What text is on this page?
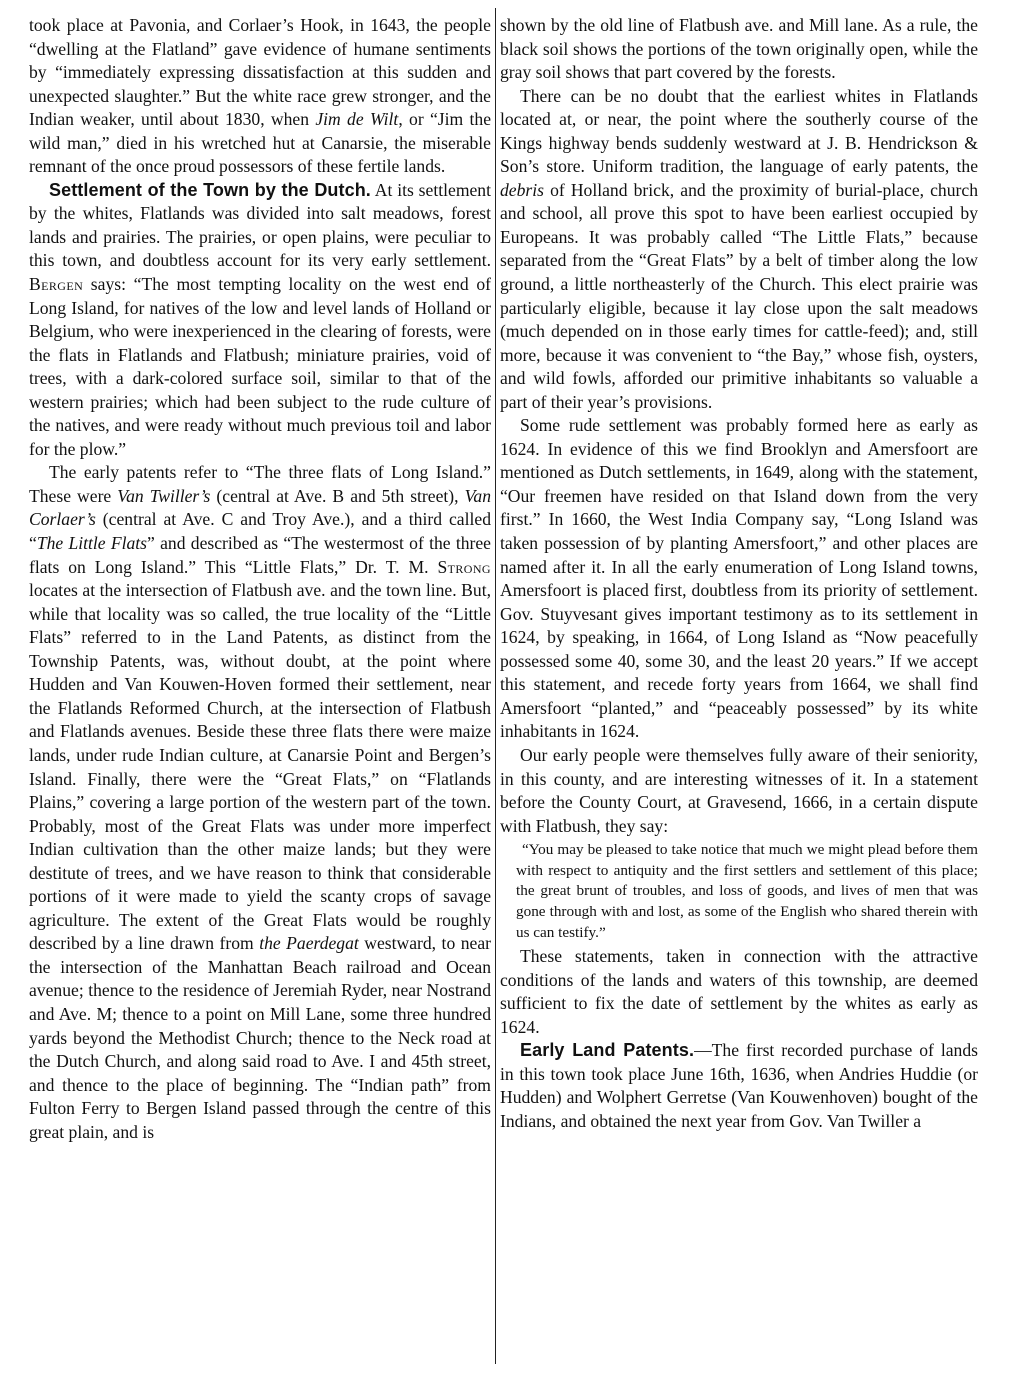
took place at Pavonia, and Corlaer’s Hook, in 1643, the people “dwelling at the Flatland” gave evidence of humane sentiments by “immediately expressing dissatisfaction at this sudden and unexpected slaughter.” But the white race grew stronger, and the Indian weaker, until about 1830, when Jim de Wilt, or “Jim the wild man,” died in his wretched hut at Canarsie, the miserable remnant of the once proud possessors of these fertile lands.

Settlement of the Town by the Dutch. At its settlement by the whites, Flatlands was divided into salt meadows, forest lands and prairies. The prairies, or open plains, were peculiar to this town, and doubtless account for its very early settlement. Bergen says: “The most tempting locality on the west end of Long Island, for natives of the low and level lands of Holland or Belgium, who were inexperienced in the clearing of forests, were the flats in Flatlands and Flatbush; miniature prairies, void of trees, with a dark-colored surface soil, similar to that of the western prairies; which had been subject to the rude culture of the natives, and were ready without much previous toil and labor for the plow.”

The early patents refer to “The three flats of Long Island.” These were Van Twiller’s (central at Ave. B and 5th street), Van Corlaer’s (central at Ave. C and Troy Ave.), and a third called “The Little Flats” and described as “The westermost of the three flats on Long Island.” This “Little Flats,” Dr. T. M. Strong locates at the intersection of Flatbush ave. and the town line. But, while that locality was so called, the true locality of the “Little Flats” referred to in the Land Patents, as distinct from the Township Patents, was, without doubt, at the point where Hudden and Van Kouwen-Hoven formed their settlement, near the Flatlands Reformed Church, at the intersection of Flatbush and Flatlands avenues. Beside these three flats there were maize lands, under rude Indian culture, at Canarsie Point and Bergen’s Island. Finally, there were the “Great Flats,” on “Flatlands Plains,” covering a large portion of the western part of the town. Probably, most of the Great Flats was under more imperfect Indian cultivation than the other maize lands; but they were destitute of trees, and we have reason to think that considerable portions of it were made to yield the scanty crops of savage agriculture. The extent of the Great Flats would be roughly described by a line drawn from the Paerdegat westward, to near the intersection of the Manhattan Beach railroad and Ocean avenue; thence to the residence of Jeremiah Ryder, near Nostrand and Ave. M; thence to a point on Mill Lane, some three hundred yards beyond the Methodist Church; thence to the Neck road at the Dutch Church, and along said road to Ave. I and 45th street, and thence to the place of beginning. The “Indian path” from Fulton Ferry to Bergen Island passed through the centre of this great plain, and is

shown by the old line of Flatbush ave. and Mill lane. As a rule, the black soil shows the portions of the town originally open, while the gray soil shows that part covered by the forests.

There can be no doubt that the earliest whites in Flatlands located at, or near, the point where the southerly course of the Kings highway bends suddenly westward at J. B. Hendrickson & Son’s store. Uniform tradition, the language of early patents, the debris of Holland brick, and the proximity of burial-place, church and school, all prove this spot to have been earliest occupied by Europeans. It was probably called “The Little Flats,” because separated from the “Great Flats” by a belt of timber along the low ground, a little northeasterly of the Church. This elect prairie was particularly eligible, because it lay close upon the salt meadows (much depended on in those early times for cattle-feed); and, still more, because it was convenient to “the Bay,” whose fish, oysters, and wild fowls, afforded our primitive inhabitants so valuable a part of their year’s provisions.

Some rude settlement was probably formed here as early as 1624. In evidence of this we find Brooklyn and Amersfoort are mentioned as Dutch settlements, in 1649, along with the statement, “Our freemen have resided on that Island down from the very first.” In 1660, the West India Company say, “Long Island was taken possession of by planting Amersfoort,” and other places are named after it. In all the early enumeration of Long Island towns, Amersfoort is placed first, doubtless from its priority of settlement. Gov. Stuyvesant gives important testimony as to its settlement in 1624, by speaking, in 1664, of Long Island as “Now peacefully possessed some 40, some 30, and the least 20 years.” If we accept this statement, and recede forty years from 1664, we shall find Amersfoort “planted,” and “peaceably possessed” by its white inhabitants in 1624.

Our early people were themselves fully aware of their seniority, in this county, and are interesting witnesses of it. In a statement before the County Court, at Gravesend, 1666, in a certain dispute with Flatbush, they say:

“You may be pleased to take notice that much we might plead before them with respect to antiquity and the first settlers and settlement of this place; the great brunt of troubles, and loss of goods, and lives of men that was gone through with and lost, as some of the English who shared therein with us can testify.”

These statements, taken in connection with the attractive conditions of the lands and waters of this township, are deemed sufficient to fix the date of settlement by the whites as early as 1624.

Early Land Patents.—The first recorded purchase of lands in this town took place June 16th, 1636, when Andries Huddie (or Hudden) and Wolphert Gerretse (Van Kouwenhoven) bought of the Indians, and obtained the next year from Gov. Van Twiller a
